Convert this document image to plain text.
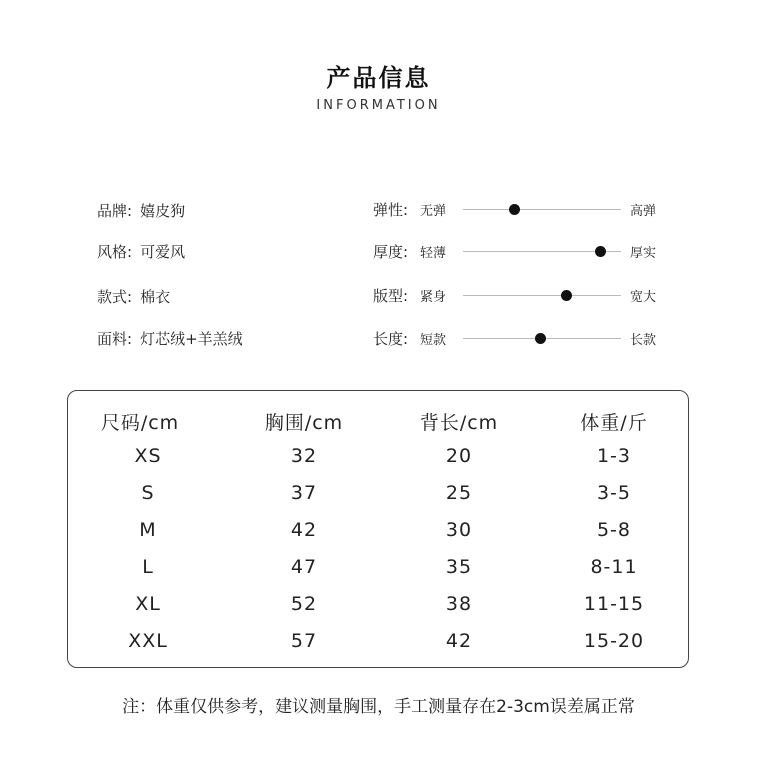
产品信息
INFORMATION
品牌: 嬉皮狗
风格: 可爱风
款式: 棉衣
面料: 灯芯绒+羊羔绒
弹性: 无弹	高弹
厚度: 轻薄	厚实
版型: 紧身	宽大
长度: 短款	长款
尺码/cm	胸围/cm	背长/cm	体重/斤
XS	32	20	1-3
S	37	25	3-5
M	42	30	5-8
L	47	35	8-11
XL	52	38	11-15
XXL	57	42	15-20
注：体重仅供参考，建议测量胸围，手工测量存在2-3cm误差属正常
